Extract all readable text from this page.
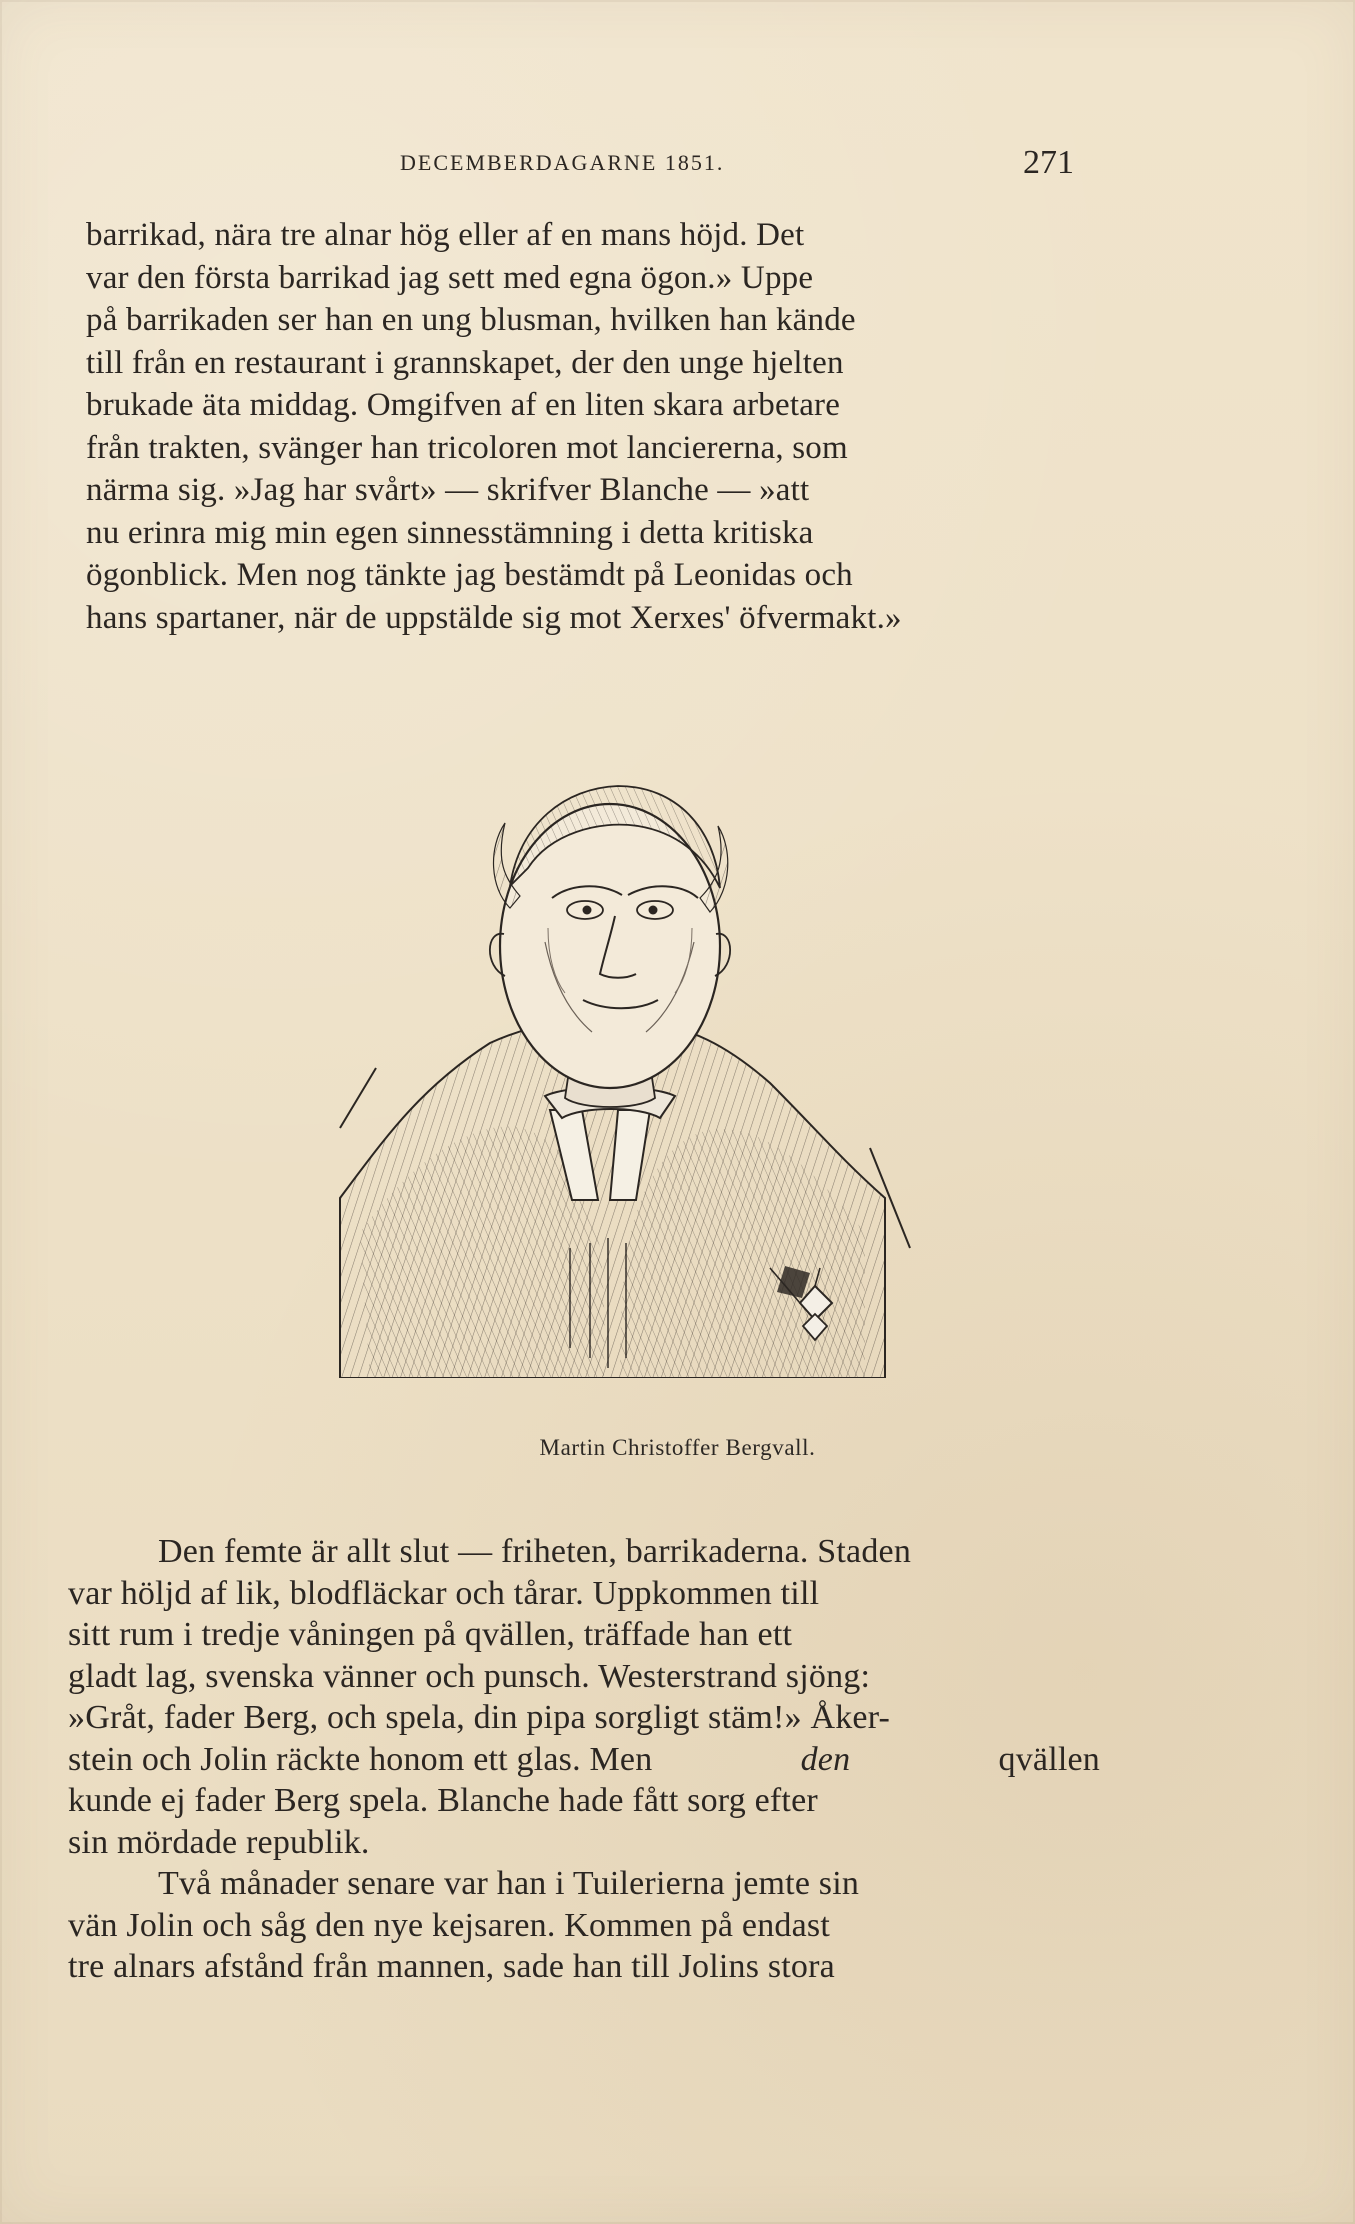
DECEMBERDAGARNE 1851.	271
barrikad, nära tre alnar hög eller af en mans höjd. Det
var den första barrikad jag sett med egna ögon.» Uppe
på barrikaden ser han en ung blusman, hvilken han kände
till från en restaurant i grannskapet, der den unge hjelten
brukade äta middag. Omgifven af en liten skara arbetare
från trakten, svänger han tricoloren mot lanciererna, som
närma sig. »Jag har svårt» — skrifver Blanche — »att
nu erinra mig min egen sinnesstämning i detta kritiska
ögonblick. Men nog tänkte jag bestämdt på Leonidas och
hans spartaner, när de uppstälde sig mot Xerxes' öfvermakt.»
Martin Christoffer Bergvall.
Den femte är allt slut — friheten, barrikaderna. Staden
var höljd af lik, blodfläckar och tårar. Uppkommen till
sitt rum i tredje våningen på qvällen, träffade han ett
gladt lag, svenska vänner och punsch. Westerstrand sjöng:
»Gråt, fader Berg, och spela, din pipa sorgligt stäm!» Åker-
stein och Jolin räckte honom ett glas. Men	den	qvällen
kunde ej fader Berg spela. Blanche hade fått sorg efter
sin mördade republik.
Två månader senare var han i Tuilerierna jemte sin
vän Jolin och såg den nye kejsaren. Kommen på endast
tre alnars afstånd från mannen, sade han till Jolins stora
